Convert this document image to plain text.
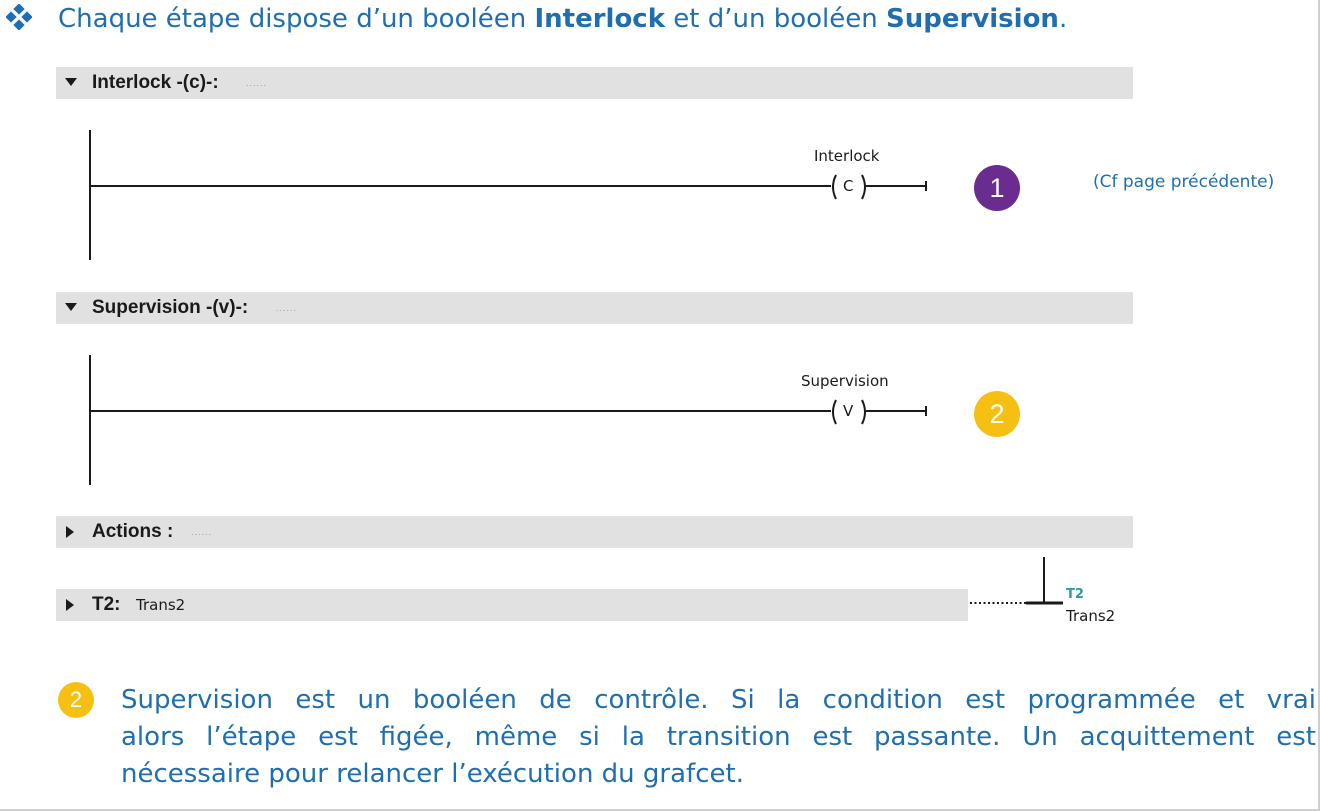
Chaque étape dispose d’un booléen Interlock et d’un booléen Supervision.
Interlock -(c)-:	......
Interlock
C	1	(Cf page précédente)
Supervision -(v)-:	......
Supervision
V	2
Actions : ......
T2: Trans2
T2
Trans2
2	Supervision est un booléen de contrôle. Si la condition est programmée et vrai
alors l’étape est figée, même si la transition est passante. Un acquittement est
nécessaire pour relancer l’exécution du grafcet.
